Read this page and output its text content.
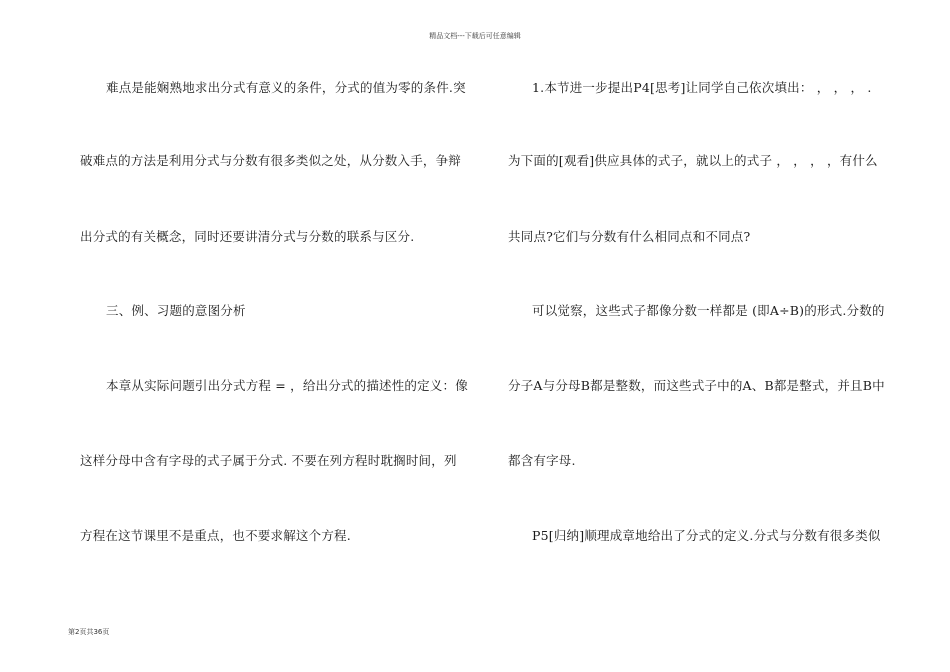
精品文档---下载后可任意编辑
难点是能娴熟地求出分式有意义的条件，分式的值为零的条件.突
破难点的方法是利用分式与分数有很多类似之处，从分数入手，争辩
出分式的有关概念，同时还要讲清分式与分数的联系与区分.
三、例、习题的意图分析
本章从实际问题引出分式方程 = ，给出分式的描述性的定义：像
这样分母中含有字母的式子属于分式. 不要在列方程时耽搁时间，列
方程在这节课里不是重点，也不要求解这个方程.
1.本节进一步提出P4[思考]让同学自己依次填出： ， ， ， .
为下面的[观看]供应具体的式子，就以上的式子 ， ， ， ，有什么
共同点?它们与分数有什么相同点和不同点?
可以觉察，这些式子都像分数一样都是 (即A÷B)的形式.分数的
分子A与分母B都是整数，而这些式子中的A、B都是整式，并且B中
都含有字母.
P5[归纳]顺理成章地给出了分式的定义.分式与分数有很多类似
第2页共36页
